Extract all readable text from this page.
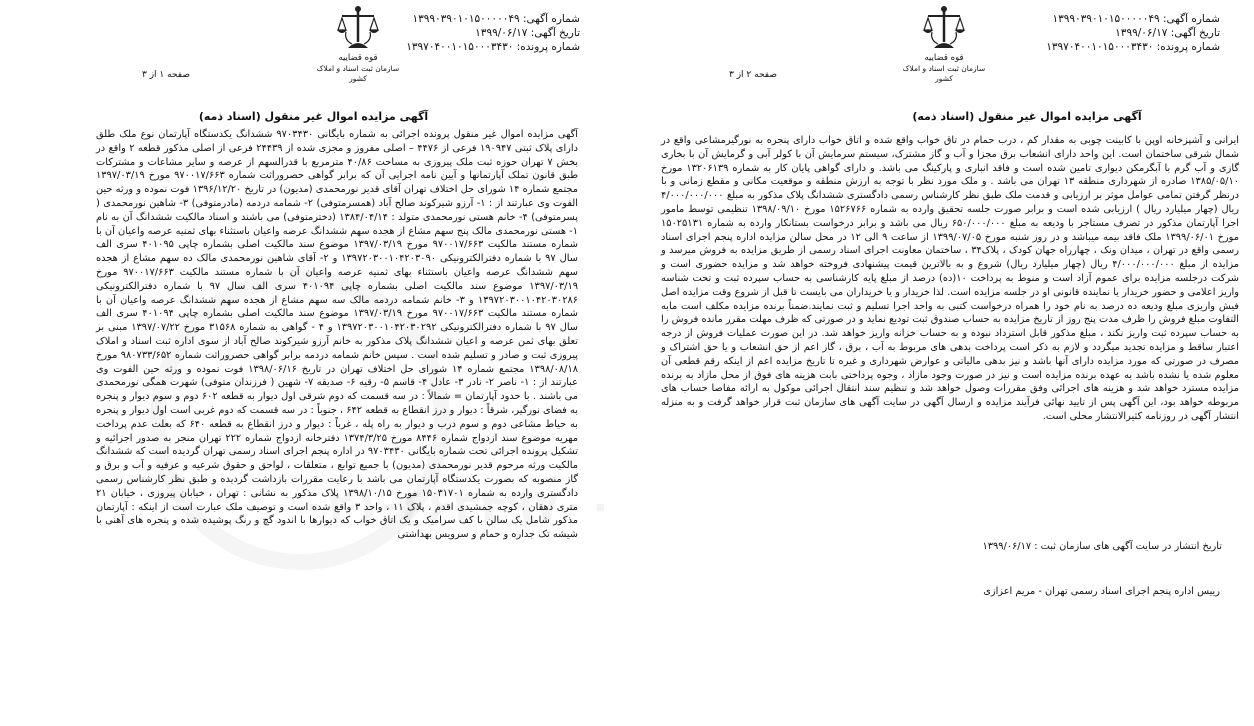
شماره آگهی: ۱۳۹۹۰۳۹۰۱۰۱۵۰۰۰۰۰۴۹
تاریخ آگهی: ۱۳۹۹/۰۶/۱۷
شماره پرونده: ۱۳۹۷۰۴۰۰۱۰۱۵۰۰۰۳۴۳۰
قوه قضاییه
سازمان ثبت اسناد و املاک کشور
صفحه ۱ از ۳
آگهی مزایده اموال غیر منقول (اسناد ذمه)

آگهی مزایده اموال غیر منقول پرونده اجرائی به شماره بایگانی ۹۷۰۳۴۳۰ ششدانگ یکدستگاه آپارتمان نوع ملک طلق دارای پلاک ثبتی ۱۹۰۹۴۷ فرعی از ۴۴۷۶ – اصلی مفروز و مجزی شده از ۲۴۴۳۹ فرعی از اصلی مذکور قطعه ۲ واقع در بخش ۷ تهران حوزه ثبت ملک پیروزی به مساحت ۴۰/۸۶ مترمربع با قدرالسهم از عرصه و سایر مشاعات و مشترکات طبق قانون تملک آپارتمانها و آیین نامه اجرایی آن که برابر گواهی حصروراثت شماره ۹۷۰۰۱۷/۶۶۳ مورخ ۱۳۹۷/۰۳/۱۹ مجتمع شماره ۱۴ شورای حل اختلاف تهران آقای قدیر نورمحمدی (مدیون) در تاریخ ۱۳۹۶/۱۲/۲۰ فوت نموده و ورثه حین الفوت وی عبارتند از : ۱- آرزو شیرکوند صالح آباد (همسرمتوفی) ۲- شمامه دردمه (مادرمتوفی) ۳- شاهین نورمحمدی ( پسرمتوفی) ۴- خانم هستی نورمحمدی متولد : ۱۳۸۴/۰۴/۱۴ (دخترمتوفی) می باشند و اسناد مالکیت ششدانگ آن به نام ۱- هستی نورمحمدی مالک پنج سهم مشاع از هجده سهم ششدانگ عرصه واعیان باستثناء بهای ثمنیه عرصه واعیان آن با شماره مستند مالکیت ۹۷۰۰۱۷/۶۶۳ مورخ ۱۳۹۷/۰۳/۱۹ موضوع سند مالکیت اصلی بشماره چاپی ۴۰۱۰۹۵ سری الف سال ۹۷ با شماره دفترالکترونیکی ۱۳۹۷۲۰۳۰۰۱۰۴۲۰۳۰۹۰ و ۲- آقای شاهین نورمحمدی مالک ده سهم مشاع از هجده سهم ششدانگ عرصه واعیان باستثناء بهای ثمنیه عرصه واعیان آن با شماره مستند مالکیت ۹۷۰۰۱۷/۶۶۳ مورخ ۱۳۹۷/۰۳/۱۹ موضوع سند مالکیت اصلی بشماره چاپی ۴۰۱۰۹۴ سری الف سال ۹۷ با شماره دفترالکترونیکی ۱۳۹۷۲۰۳۰۰۱۰۴۲۰۳۰۲۸۶ و ۳- خانم شمامه دردمه مالک سه سهم مشاع از هجده سهم ششدانگ عرصه واعیان آن با شماره مستند مالکیت ۹۷۰۰۱۷/۶۶۳ مورخ ۱۳۹۷/۰۳/۱۹ موضوع سند مالکیت اصلی بشماره چاپی ۴۰۱۰۹۴ سری الف سال ۹۷ با شماره دفترالکترونیکی ۱۳۹۷۲۰۳۰۰۱۰۴۲۰۳۰۲۹۲ و ۴ - گواهی به شماره ۳۱۵۶۸ مورخ ۱۳۹۷/۰۷/۲۲ مبنی بر تعلق بهای ثمن عرصه و اعیان ششدانگ پلاک مذکور به خانم آرزو شیرکوند صالح آباد از سوی اداره ثبت اسناد و املاک پیروزی ثبت و صادر و تسلیم شده است . سپس خانم شمامه دردمه برابر گواهی حصروراثت شماره ۹۸۰۷۳۳/۶۵۲ مورخ ۱۳۹۸/۰۸/۱۸ مجتمع شماره ۱۴ شورای حل اختلاف تهران در تاریخ ۱۳۹۸/۰۶/۱۶ فوت نموده و ورثه حین الفوت وی عبارتند از : ۱- ناصر ۲- نادر ۳- عادل ۴- قاسم ۵- رقیه ۶- صدیقه ۷- شهین ( فرزندان متوفی) شهرت همگی نورمحمدی می باشند . با حدود آپارتمان = شمالاً : در سه قسمت که دوم شرقی اول دیوار به قطعه ۶۰۲ دوم و سوم دیوار و پنجره به فضای نورگیر، شرقاً : دیوار و درز انقطاع به قطعه ۶۴۲ ، جنوباً : در سه قسمت که دوم غربی است اول دیوار و پنجره به حیاط مشاعی دوم و سوم درب و دیوار به راه پله ، غرباً : دیوار و درز انقطاع به قطعه ۶۴۰ که بعلت عدم پرداخت مهریه موضوع سند ازدواج شماره ۸۴۴۶ مورخ ۱۳۷۴/۳/۲۵ دفترخانه ازدواج شماره ۲۲۲ تهران منجر به صدور اجرائیه و تشکیل پرونده اجرائی تحت شماره بایگانی ۹۷۰۳۴۳۰ در اداره پنجم اجرای اسناد رسمی تهران گردیده است که ششدانگ مالکیت ورثه مرحوم قدیر نورمحمدی (مدیون) با جمیع توابع ، متعلقات ، لواحق و حقوق شرعیه و عرفیه و آب و برق و گاز منصوبه که بصورت یکدستگاه آپارتمان می باشد با رعایت مقررات بازداشت گردیده و طبق نظر کارشناس رسمی دادگستری وارده به شماره ۱۵۰۳۱۷۰۱ مورخ ۱۳۹۸/۱۰/۱۵ پلاک مذکور به نشانی : تهران ، خیابان پیروزی ، خیابان ۲۱ متری دهقان ، کوچه جمشیدی اقدم ، پلاک ۱۱ ، واحد ۳ واقع شده است و توصیف ملک عبارت است از اینکه : آپارتمان مذکور شامل یک سالن با کف سرامیک و یک اتاق خواب که دیوارها با اندود گچ و رنگ پوشیده شده و پنجره های آهنی با شیشه تک جداره و حمام و سرویس بهداشتی

شماره آگهی: ۱۳۹۹۰۳۹۰۱۰۱۵۰۰۰۰۰۴۹
تاریخ آگهی: ۱۳۹۹/۰۶/۱۷
شماره پرونده: ۱۳۹۷۰۴۰۰۱۰۱۵۰۰۰۳۴۳۰
قوه قضاییه
سازمان ثبت اسناد و املاک کشور
صفحه ۲ از ۳
آگهی مزایده اموال غیر منقول (اسناد ذمه)

ایرانی و آشپزخانه اوپن با کابینت چوبی به مقدار کم ، درب حمام در تاق خواب واقع شده و اتاق خواب دارای پنجره به نورگیرمشاعی واقع در شمال شرقی ساختمان است. این واحد دارای انشعاب برق مجزا و آب و گاز مشترک، سیستم سرمایش آن با کولر آبی و گرمایش آن با بخاری گازی و آب گرم با آبگرمکن دیواری تامین شده است و فاقد انباری و پارکینگ می باشد. و دارای گواهی پایان کار به شماره ۱۳۲۰۶۱۳۹ مورخ ۱۳۸۵/۰۵/۱۰ صادره از شهرداری منطقه ۱۳ تهران می باشد . و ملک مورد نظر با توجه به ارزش منطقه و موقعیت مکانی و مقطع زمانی و با درنظر گرفتن تمامی عوامل موثر بر ارزیابی و قدمت ملک طبق نظر کارشناس رسمی دادگستری ششدانگ پلاک مذکور به مبلغ ۴/۰۰۰/۰۰۰/۰۰۰ ریال (چهار میلیارد ریال ) ارزیابی شده است و برابر صورت جلسه تحقیق وارده به شماره ۱۵۲۶۷۶۶ مورخ ۱۳۹۸/۰۹/۱۰ تنظیمی توسط مامور اجرا آپارتمان مذکور در تصرف مستاجر با ودیعه به مبلغ ۶۵۰/۰۰۰/۰۰۰ ریال می باشد و برابر درخواست بستانکار وارده به شماره ۱۵۰۲۵۱۳۱ مورخ ۱۳۹۹/۰۶/۰۱ ملک فاقد بیمه میباشد و در روز شنبه مورخ ۱۳۹۹/۰۷/۰۵ از ساعت ۹ الی ۱۲ در محل سالن مزایده اداره پنجم اجرای اسناد رسمی واقع در تهران ، میدان ونک ، چهارراه جهان کودک ، پلاک۳۴ ، ساختمان معاونت اجرای اسناد رسمی از طریق مزایده به فروش میرسد و مزایده از مبلغ ۴/۰۰۰/۰۰۰/۰۰۰ ریال (چهار میلیارد ریال) شروع و به بالاترین قیمت پیشنهادی فروخته خواهد شد و مزایده حضوری است و شرکت درجلسه مزایده برای عموم آزاد است و منوط به پرداخت ۱۰(ده) درصد از مبلغ پایه کارشناسی به حساب سپرده ثبت و تحت شناسه واریز اعلامی و حضور خریدار یا نماینده قانونی او در جلسه مزایده است. لذا خریدار و یا خریداران می بایست تا قبل از شروع وقت مزایده اصل فیش واریزی مبلغ ودیعه ده درصد به نام خود را همراه درخواست کتبی به واحد اجرا تسلیم و ثبت نمایند.ضمناً برنده مزایده مکلف است مابه التفاوت مبلغ فروش را ظرف مدت پنج روز از تاریخ مزایده به حساب صندوق ثبت تودیع نماید و در صورتی که ظرف مهلت مقرر مانده فروش را به حساب سپرده ثبت واریز نکند ، مبلغ مذکور قابل استرداد نبوده و به حساب خزانه واریز خواهد شد. در این صورت عملیات فروش از درجه اعتبار ساقط و مزایده تجدید میگردد و لازم به ذکر است پرداخت بدهی های مربوط به آب ، برق ، گاز اعم از حق انشعاب و یا حق اشتراک و مصرف در صورتی که مورد مزایده دارای آنها باشد و نیز بدهی مالیاتی و عوارض شهرداری و غیره تا تاریخ مزایده اعم از اینکه رقم قطعی آن معلوم شده یا نشده باشد به عهده برنده مزایده است و نیز در صورت وجود مازاد ، وجوه پرداختی بابت هزینه های فوق از محل مازاد به برنده مزایده مسترد خواهد شد و هزینه های اجرائی وفق مقررات وصول خواهد شد و تنظیم سند انتقال اجرائی موکول به ارائه مفاصا حساب های مربوطه خواهد بود، این آگهی پس از تایید نهائی فرآیند مزایده و ارسال آگهی در سایت آگهی های سازمان ثبت قرار خواهد گرفت و به منزله انتشار آگهی در روزنامه کثیرالانتشار محلی است.

تاریخ انتشار در سایت آگهی های سازمان ثبت : ۱۳۹۹/۰۶/۱۷
رییس اداره پنجم اجرای اسناد رسمی تهران - مریم اعزازی
